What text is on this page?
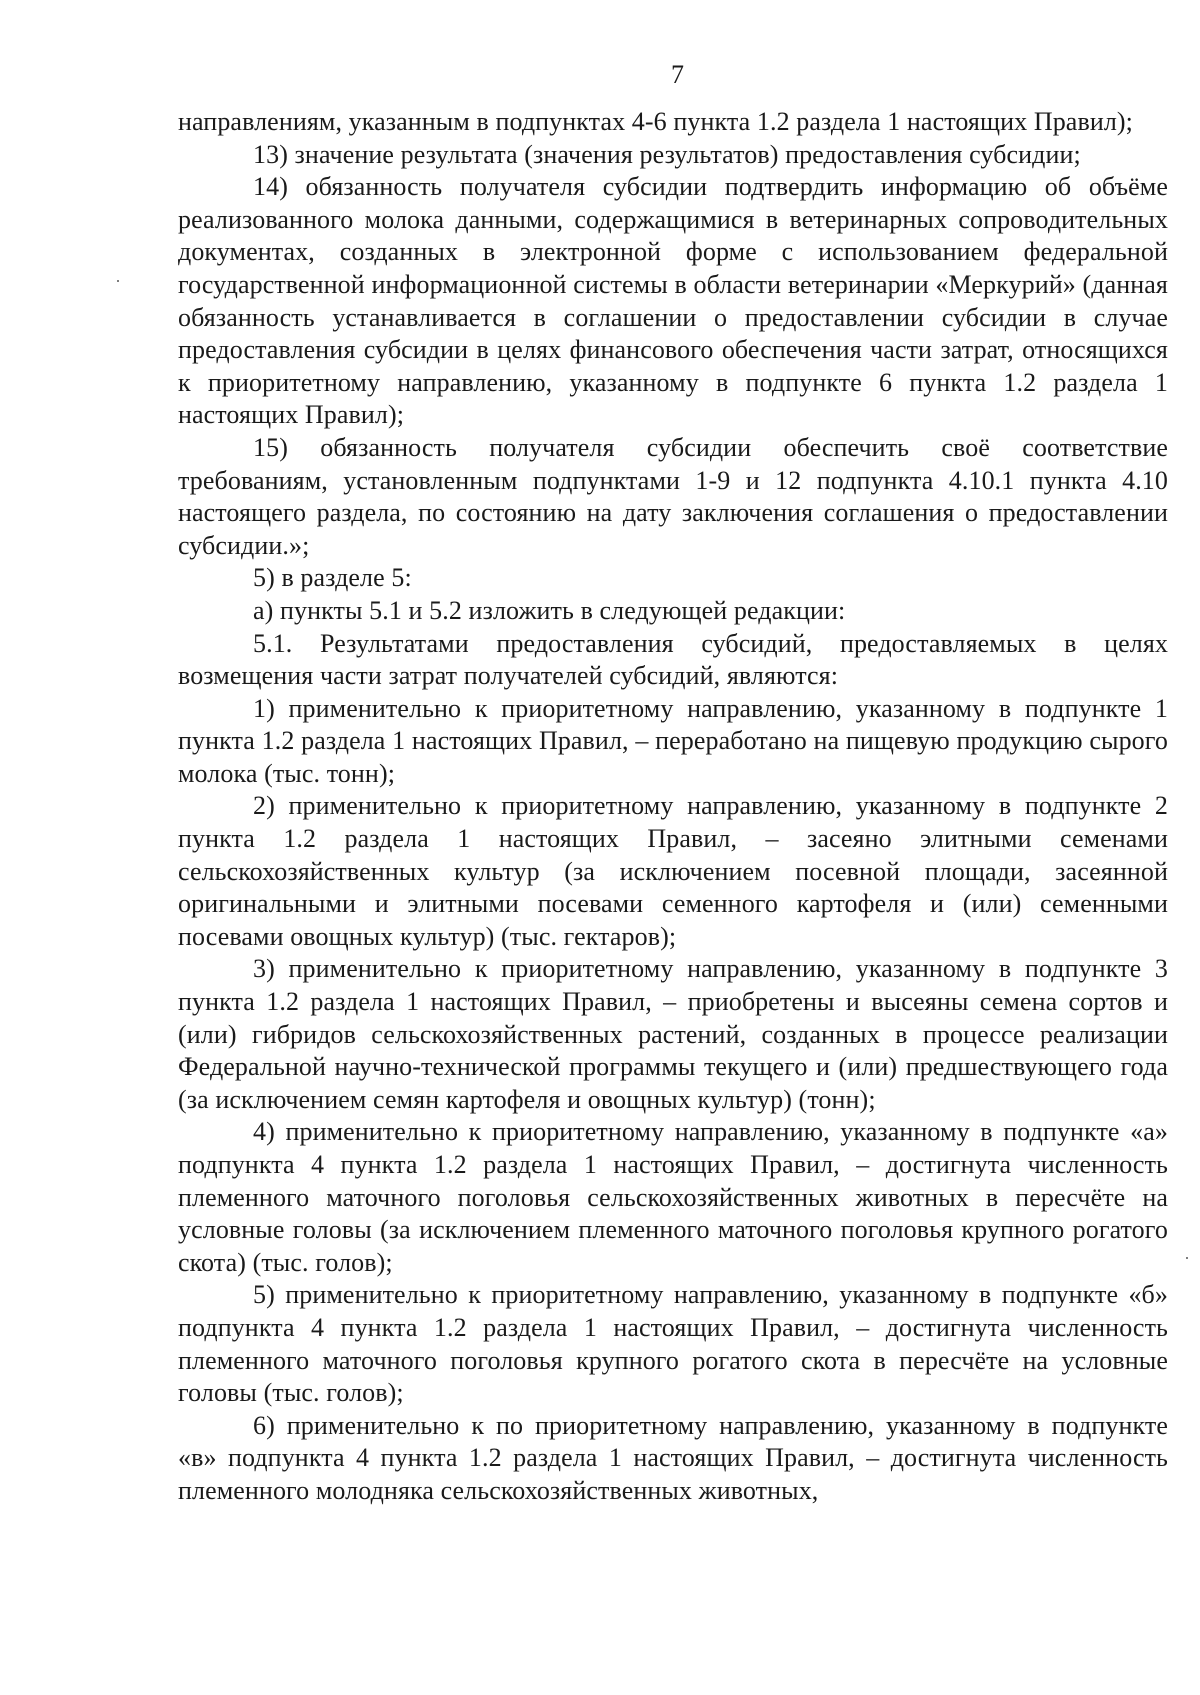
7

направлениям, указанным в подпунктах 4-6 пункта 1.2 раздела 1 настоящих Правил);

13) значение результата (значения результатов) предоставления субсидии;

14) обязанность получателя субсидии подтвердить информацию об объёме реализованного молока данными, содержащимися в ветеринарных сопроводительных документах, созданных в электронной форме с использованием федеральной государственной информационной системы в области ветеринарии «Меркурий» (данная обязанность устанавливается в соглашении о предоставлении субсидии в случае предоставления субсидии в целях финансового обеспечения части затрат, относящихся к приоритетному направлению, указанному в подпункте 6 пункта 1.2 раздела 1 настоящих Правил);

15) обязанность получателя субсидии обеспечить своё соответствие требованиям, установленным подпунктами 1-9 и 12 подпункта 4.10.1 пункта 4.10 настоящего раздела, по состоянию на дату заключения соглашения о предоставлении субсидии.»;

5) в разделе 5:

а) пункты 5.1 и 5.2 изложить в следующей редакции:

5.1. Результатами предоставления субсидий, предоставляемых в целях возмещения части затрат получателей субсидий, являются:

1) применительно к приоритетному направлению, указанному в подпункте 1 пункта 1.2 раздела 1 настоящих Правил, – переработано на пищевую продукцию сырого молока (тыс. тонн);

2) применительно к приоритетному направлению, указанному в подпункте 2 пункта 1.2 раздела 1 настоящих Правил, – засеяно элитными семенами сельскохозяйственных культур (за исключением посевной площади, засеянной оригинальными и элитными посевами семенного картофеля и (или) семенными посевами овощных культур) (тыс. гектаров);

3) применительно к приоритетному направлению, указанному в подпункте 3 пункта 1.2 раздела 1 настоящих Правил, – приобретены и высеяны семена сортов и (или) гибридов сельскохозяйственных растений, созданных в процессе реализации Федеральной научно-технической программы текущего и (или) предшествующего года (за исключением семян картофеля и овощных культур) (тонн);

4) применительно к приоритетному направлению, указанному в подпункте «а» подпункта 4 пункта 1.2 раздела 1 настоящих Правил, – достигнута численность племенного маточного поголовья сельскохозяйственных животных в пересчёте на условные головы (за исключением племенного маточного поголовья крупного рогатого скота) (тыс. голов);

5) применительно к приоритетному направлению, указанному в подпункте «б» подпункта 4 пункта 1.2 раздела 1 настоящих Правил, – достигнута численность племенного маточного поголовья крупного рогатого скота в пересчёте на условные головы (тыс. голов);

6) применительно к по приоритетному направлению, указанному в подпункте «в» подпункта 4 пункта 1.2 раздела 1 настоящих Правил, – достигнута численность племенного молодняка сельскохозяйственных животных,
